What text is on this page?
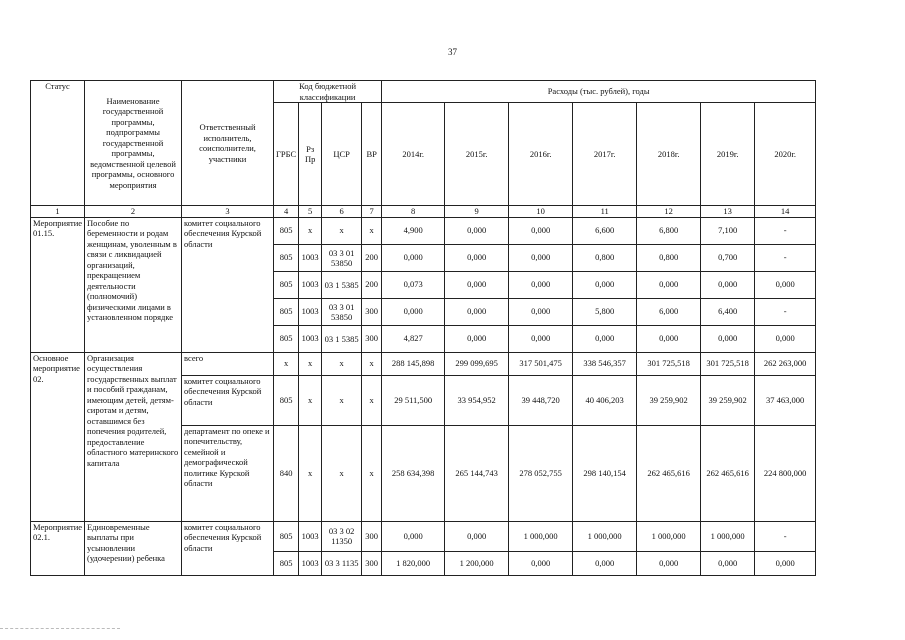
37
Статус	Наименование государственной программы, подпрограммы государственной программы, ведомственной целевой программы, основного мероприятия	Ответственный исполнитель, соисполнители, участники	Код бюджетной классификации				Расходы (тыс. рублей), годы						
			ГРБС	Рз Пр	ЦСР	ВР	2014г.	2015г.	2016г.	2017г.	2018г.	2019г.	2020г.
1	2	3	4	5	6	7	8	9	10	11	12	13	14
Мероприятие 01.15.	Пособие по беременности и родам женщинам, уволенным в связи с ликвидацией организаций, прекращением деятельности (полномочий) физическими лицами в установленном порядке	комитет социального обеспечения Курской области	805	х	х	х	4,900	0,000	0,000	6,600	6,800	7,100	-
			805	1003	03 3 01 53850	200	0,000	0,000	0,000	0,800	0,800	0,700	-
			805	1003	03 1 5385	200	0,073	0,000	0,000	0,000	0,000	0,000	0,000
			805	1003	03 3 01 53850	300	0,000	0,000	0,000	5,800	6,000	6,400	-
			805	1003	03 1 5385	300	4,827	0,000	0,000	0,000	0,000	0,000	0,000
Основное мероприятие 02.	Организация осуществления государственных выплат и пособий гражданам, имеющим детей, детям-сиротам и детям, оставшимся без попечения родителей, предоставление областного материнского капитала	всего	х	х	х	х	288 145,898	299 099,695	317 501,475	338 546,357	301 725,518	301 725,518	262 263,000
		комитет социального обеспечения Курской области	805	х	х	х	29 511,500	33 954,952	39 448,720	40 406,203	39 259,902	39 259,902	37 463,000
		департамент по опеке и попечительству, семейной и демографической политике Курской области	840	х	х	х	258 634,398	265 144,743	278 052,755	298 140,154	262 465,616	262 465,616	224 800,000
Мероприятие 02.1.	Единовременные выплаты при усыновлении (удочерении) ребенка	комитет социального обеспечения Курской области	805	1003	03 3 02 11350	300	0,000	0,000	1 000,000	1 000,000	1 000,000	1 000,000	-
			805	1003	03 3 1135	300	1 820,000	1 200,000	0,000	0,000	0,000	0,000	0,000
